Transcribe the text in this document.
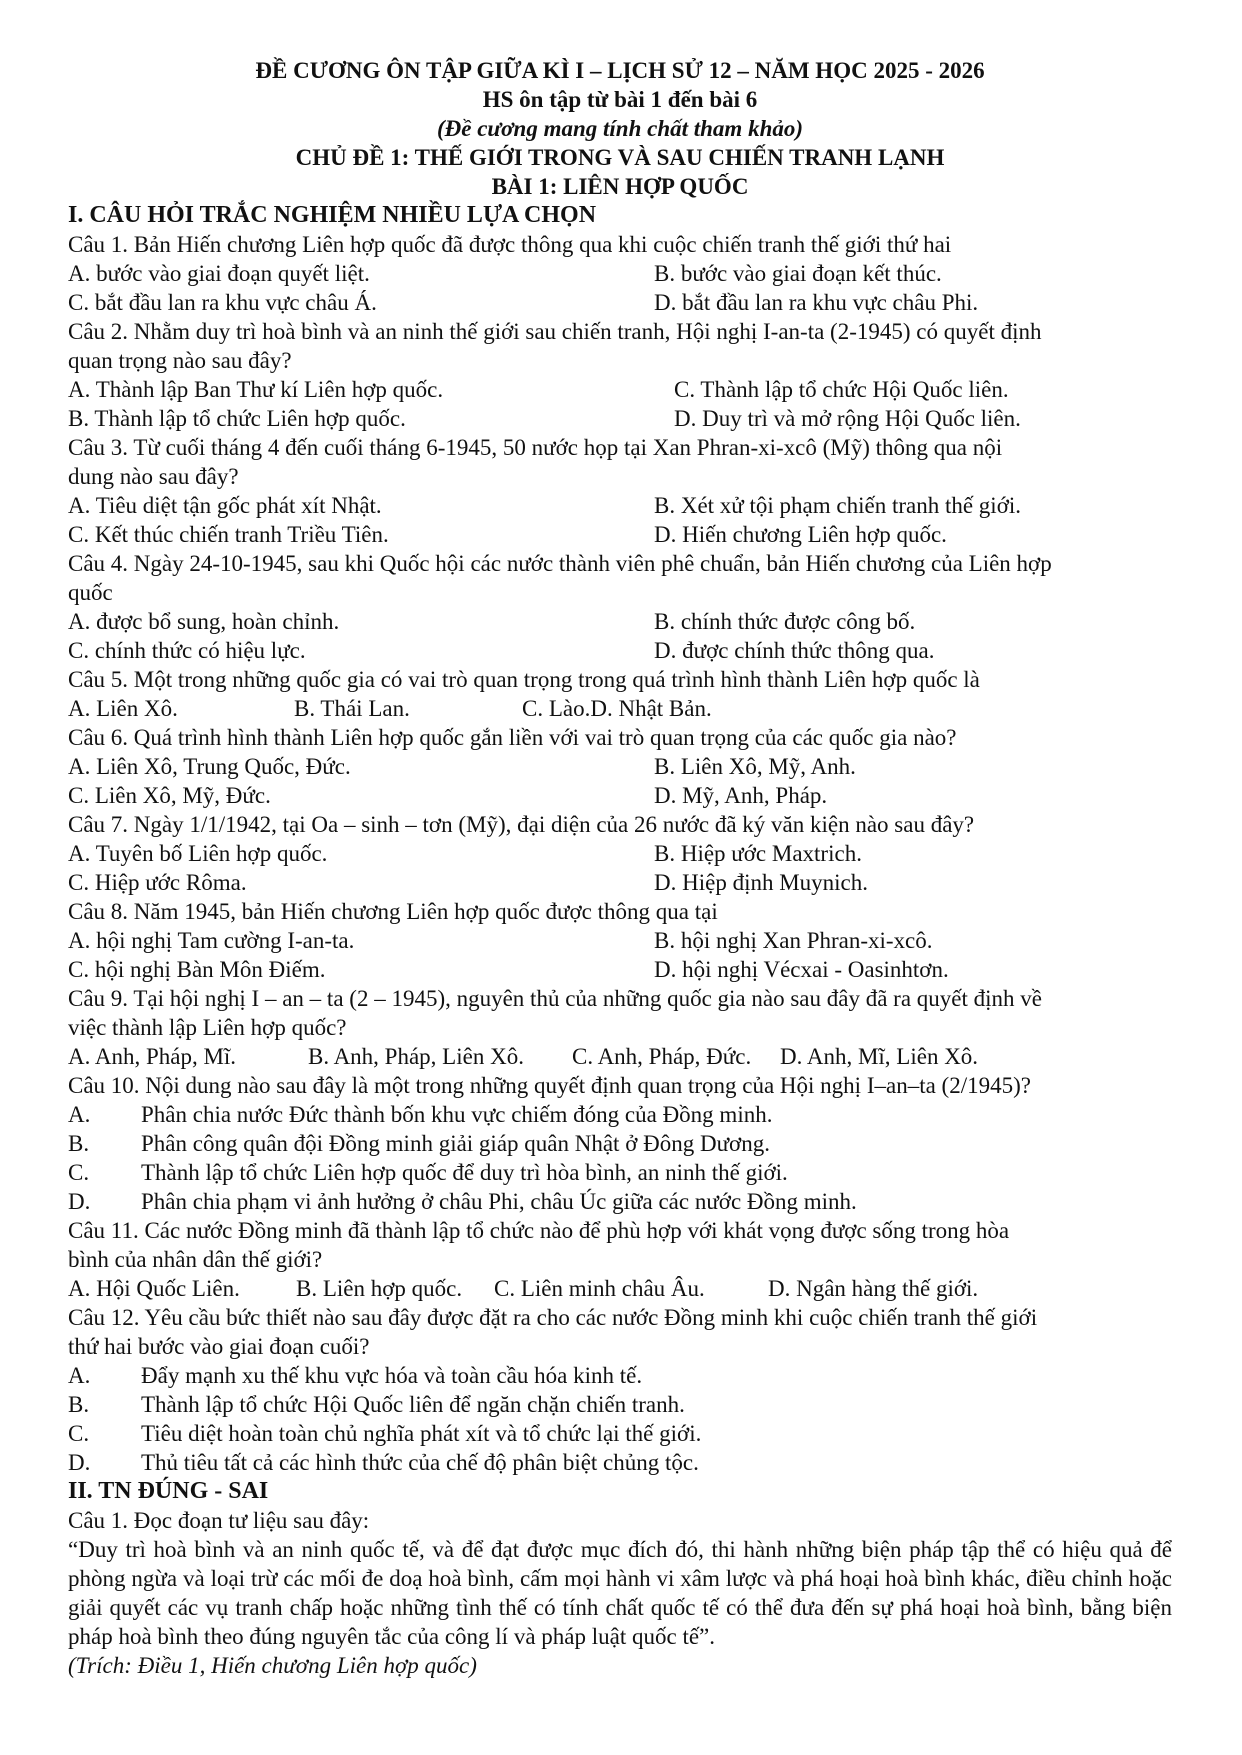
ĐỀ CƯƠNG ÔN TẬP GIỮA KÌ I – LỊCH SỬ 12 – NĂM HỌC 2025 - 2026
HS ôn tập từ bài 1 đến bài 6
(Đề cương mang tính chất tham khảo)
CHỦ ĐỀ 1: THẾ GIỚI TRONG VÀ SAU CHIẾN TRANH LẠNH
BÀI 1: LIÊN HỢP QUỐC
I. CÂU HỎI TRẮC NGHIỆM NHIỀU LỰA CHỌN
Câu 1. Bản Hiến chương Liên hợp quốc đã được thông qua khi cuộc chiến tranh thế giới thứ hai
A. bước vào giai đoạn quyết liệt.	B. bước vào giai đoạn kết thúc.
C. bắt đầu lan ra khu vực châu Á.	D. bắt đầu lan ra khu vực châu Phi.
Câu 2. Nhằm duy trì hoà bình và an ninh thế giới sau chiến tranh, Hội nghị I-an-ta (2-1945) có quyết định
quan trọng nào sau đây?
A. Thành lập Ban Thư kí Liên hợp quốc.	C. Thành lập tổ chức Hội Quốc liên.
B. Thành lập tổ chức Liên hợp quốc.	D. Duy trì và mở rộng Hội Quốc liên.
Câu 3. Từ cuối tháng 4 đến cuối tháng 6-1945, 50 nước họp tại Xan Phran-xi-xcô (Mỹ) thông qua nội
dung nào sau đây?
A. Tiêu diệt tận gốc phát xít Nhật.	B. Xét xử tội phạm chiến tranh thế giới.
C. Kết thúc chiến tranh Triều Tiên.	D. Hiến chương Liên hợp quốc.
Câu 4. Ngày 24-10-1945, sau khi Quốc hội các nước thành viên phê chuẩn, bản Hiến chương của Liên hợp
quốc
A. được bổ sung, hoàn chỉnh.	B. chính thức được công bố.
C. chính thức có hiệu lực.	D. được chính thức thông qua.
Câu 5. Một trong những quốc gia có vai trò quan trọng trong quá trình hình thành Liên hợp quốc là
A. Liên Xô.	B. Thái Lan.	C. Lào.D. Nhật Bản.
Câu 6. Quá trình hình thành Liên hợp quốc gắn liền với vai trò quan trọng của các quốc gia nào?
A. Liên Xô, Trung Quốc, Đức.	B. Liên Xô, Mỹ, Anh.
C. Liên Xô, Mỹ, Đức.	D. Mỹ, Anh, Pháp.
Câu 7. Ngày 1/1/1942, tại Oa – sinh – tơn (Mỹ), đại diện của 26 nước đã ký văn kiện nào sau đây?
A. Tuyên bố Liên hợp quốc.	B. Hiệp ước Maxtrich.
C. Hiệp ước Rôma.	D. Hiệp định Muynich.
Câu 8. Năm 1945, bản Hiến chương Liên hợp quốc được thông qua tại
A. hội nghị Tam cường I-an-ta.	B. hội nghị Xan Phran-xi-xcô.
C. hội nghị Bàn Môn Điếm.	D. hội nghị Vécxai - Oasinhtơn.
Câu 9. Tại hội nghị I – an – ta (2 – 1945), nguyên thủ của những quốc gia nào sau đây đã ra quyết định về
việc thành lập Liên hợp quốc?
A. Anh, Pháp, Mĩ.	B. Anh, Pháp, Liên Xô.	C. Anh, Pháp, Đức.	D. Anh, Mĩ, Liên Xô.
Câu 10. Nội dung nào sau đây là một trong những quyết định quan trọng của Hội nghị I–an–ta (2/1945)?
A.	Phân chia nước Đức thành bốn khu vực chiếm đóng của Đồng minh.
B.	Phân công quân đội Đồng minh giải giáp quân Nhật ở Đông Dương.
C.	Thành lập tổ chức Liên hợp quốc để duy trì hòa bình, an ninh thế giới.
D.	Phân chia phạm vi ảnh hưởng ở châu Phi, châu Úc giữa các nước Đồng minh.
Câu 11. Các nước Đồng minh đã thành lập tổ chức nào để phù hợp với khát vọng được sống trong hòa
bình của nhân dân thế giới?
A. Hội Quốc Liên.	B. Liên hợp quốc.	C. Liên minh châu Âu.	D. Ngân hàng thế giới.
Câu 12. Yêu cầu bức thiết nào sau đây được đặt ra cho các nước Đồng minh khi cuộc chiến tranh thế giới
thứ hai bước vào giai đoạn cuối?
A.	Đẩy mạnh xu thế khu vực hóa và toàn cầu hóa kinh tế.
B.	Thành lập tổ chức Hội Quốc liên để ngăn chặn chiến tranh.
C.	Tiêu diệt hoàn toàn chủ nghĩa phát xít và tổ chức lại thế giới.
D.	Thủ tiêu tất cả các hình thức của chế độ phân biệt chủng tộc.
II. TN ĐÚNG - SAI
Câu 1. Đọc đoạn tư liệu sau đây:
“Duy trì hoà bình và an ninh quốc tế, và để đạt được mục đích đó, thi hành những biện pháp tập thể có hiệu quả để phòng ngừa và loại trừ các mối đe doạ hoà bình, cấm mọi hành vi xâm lược và phá hoại hoà bình khác, điều chỉnh hoặc giải quyết các vụ tranh chấp hoặc những tình thế có tính chất quốc tế có thể đưa đến sự phá hoại hoà bình, bằng biện pháp hoà bình theo đúng nguyên tắc của công lí và pháp luật quốc tế”.
(Trích: Điều 1, Hiến chương Liên hợp quốc)
